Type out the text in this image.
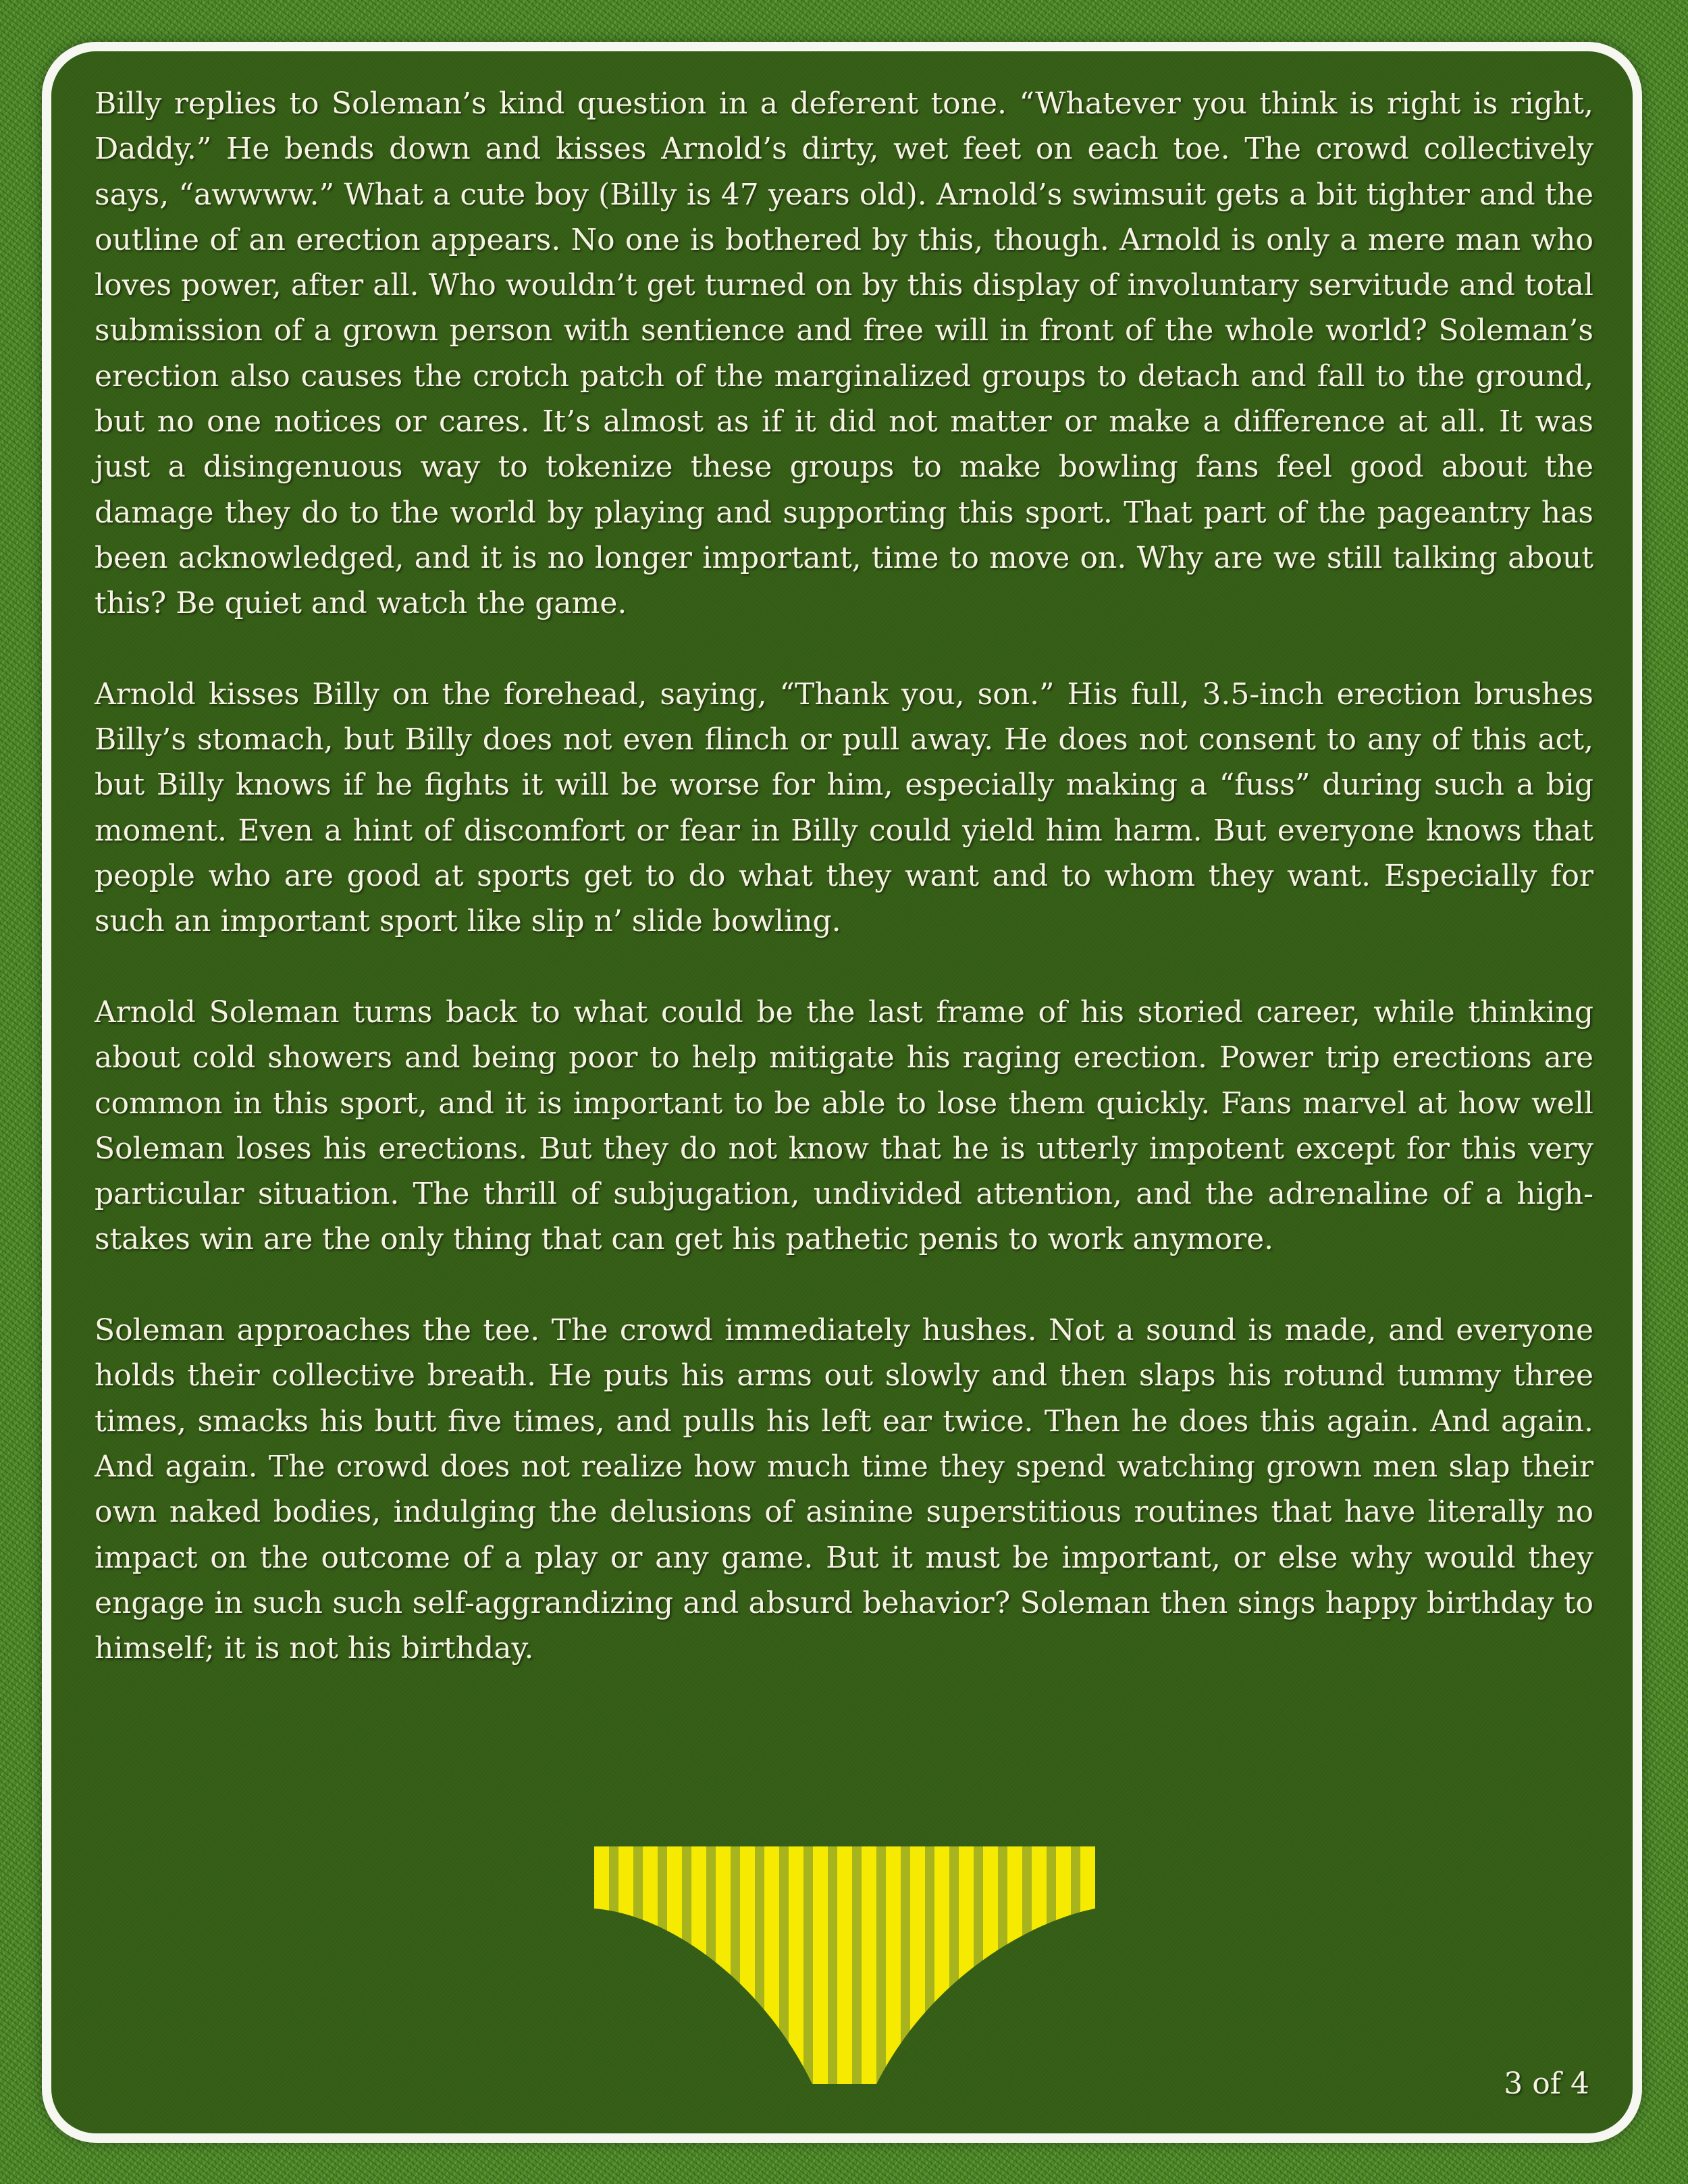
Billy replies to Soleman’s kind question in a deferent tone. “Whatever you think is right is right, Daddy.” He bends down and kisses Arnold’s dirty, wet feet on each toe. The crowd collectively says, “awwww.” What a cute boy (Billy is 47 years old). Arnold’s swimsuit gets a bit tighter and the outline of an erection appears. No one is bothered by this, though. Arnold is only a mere man who loves power, after all. Who wouldn’t get turned on by this display of involuntary servitude and total submission of a grown person with sentience and free will in front of the whole world? Soleman’s erection also causes the crotch patch of the marginalized groups to detach and fall to the ground, but no one notices or cares. It’s almost as if it did not matter or make a difference at all. It was just a disingenuous way to tokenize these groups to make bowling fans feel good about the damage they do to the world by playing and supporting this sport. That part of the pageantry has been acknowledged, and it is no longer important, time to move on. Why are we still talking about this? Be quiet and watch the game.

Arnold kisses Billy on the forehead, saying, “Thank you, son.” His full, 3.5-inch erection brushes Billy’s stomach, but Billy does not even flinch or pull away. He does not consent to any of this act, but Billy knows if he fights it will be worse for him, especially making a “fuss” during such a big moment. Even a hint of discomfort or fear in Billy could yield him harm. But everyone knows that people who are good at sports get to do what they want and to whom they want. Especially for such an important sport like slip n’ slide bowling.

Arnold Soleman turns back to what could be the last frame of his storied career, while thinking about cold showers and being poor to help mitigate his raging erection. Power trip erections are common in this sport, and it is important to be able to lose them quickly. Fans marvel at how well Soleman loses his erections. But they do not know that he is utterly impotent except for this very particular situation. The thrill of subjugation, undivided attention, and the adrenaline of a high-stakes win are the only thing that can get his pathetic penis to work anymore.

Soleman approaches the tee. The crowd immediately hushes. Not a sound is made, and everyone holds their collective breath. He puts his arms out slowly and then slaps his rotund tummy three times, smacks his butt five times, and pulls his left ear twice. Then he does this again. And again. And again. The crowd does not realize how much time they spend watching grown men slap their own naked bodies, indulging the delusions of asinine superstitious routines that have literally no impact on the outcome of a play or any game. But it must be important, or else why would they engage in such such self-aggrandizing and absurd behavior? Soleman then sings happy birthday to himself; it is not his birthday.

3 of 4
